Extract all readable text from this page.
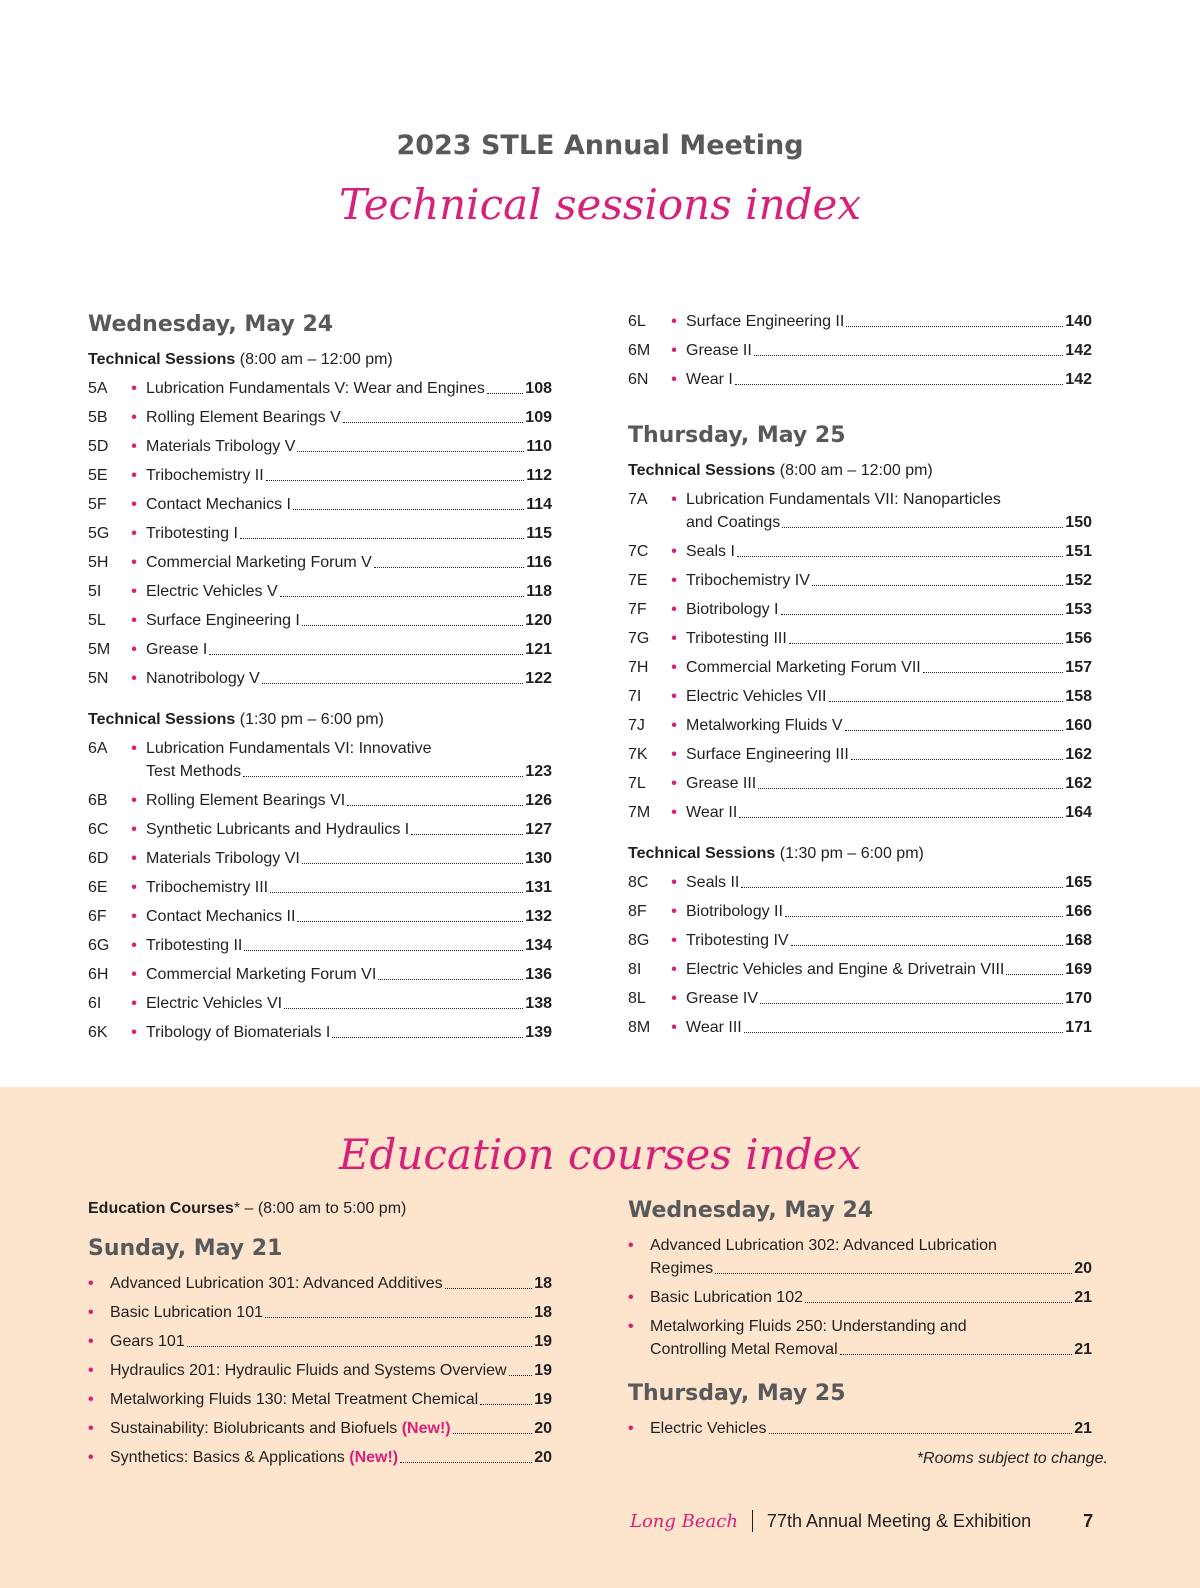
2023 STLE Annual Meeting
Technical sessions index
Wednesday, May 24
Technical Sessions (8:00 am – 12:00 pm)
5A	• Lubrication Fundamentals V: Wear and Engines	108
5B	• Rolling Element Bearings V	109
5D	• Materials Tribology V	110
5E	• Tribochemistry II	112
5F	• Contact Mechanics I	114
5G	• Tribotesting I	115
5H	• Commercial Marketing Forum V	116
5I	• Electric Vehicles V	118
5L	• Surface Engineering I	120
5M	• Grease I	121
5N	• Nanotribology V	122
Technical Sessions (1:30 pm – 6:00 pm)
6A	• Lubrication Fundamentals VI: Innovative
Test Methods	123
6B	• Rolling Element Bearings VI	126
6C	• Synthetic Lubricants and Hydraulics I	127
6D	• Materials Tribology VI	130
6E	• Tribochemistry III	131
6F	• Contact Mechanics II	132
6G	• Tribotesting II	134
6H	• Commercial Marketing Forum VI	136
6I	• Electric Vehicles VI	138
6K	• Tribology of Biomaterials I	139
6L	• Surface Engineering II	140
6M	• Grease II	142
6N	• Wear I	142
Thursday, May 25
Technical Sessions (8:00 am – 12:00 pm)
7A	• Lubrication Fundamentals VII: Nanoparticles
and Coatings	150
7C	• Seals I	151
7E	• Tribochemistry IV	152
7F	• Biotribology I	153
7G	• Tribotesting III	156
7H	• Commercial Marketing Forum VII	157
7I	• Electric Vehicles VII	158
7J	• Metalworking Fluids V	160
7K	• Surface Engineering III	162
7L	• Grease III	162
7M	• Wear II	164
Technical Sessions (1:30 pm – 6:00 pm)
8C	• Seals II	165
8F	• Biotribology II	166
8G	• Tribotesting IV	168
8I	• Electric Vehicles and Engine & Drivetrain VIII	169
8L	• Grease IV	170
8M	• Wear III	171
Education courses index
Education Courses* – (8:00 am to 5:00 pm)
Sunday, May 21
•	Advanced Lubrication 301: Advanced Additives	18
•	Basic Lubrication 101	18
•	Gears 101	19
•	Hydraulics 201: Hydraulic Fluids and Systems Overview 19
•	Metalworking Fluids 130: Metal Treatment Chemical	19
•	Sustainability: Biolubricants and Biofuels (New!)	20
•	Synthetics: Basics & Applications (New!)	20
Wednesday, May 24
•	Advanced Lubrication 302: Advanced Lubrication
Regimes	20
•	Basic Lubrication 102	21
•	Metalworking Fluids 250: Understanding and
Controlling Metal Removal	21
Thursday, May 25
•	Electric Vehicles	21
*Rooms subject to change.
Long Beach 77th Annual Meeting & Exhibition	7
